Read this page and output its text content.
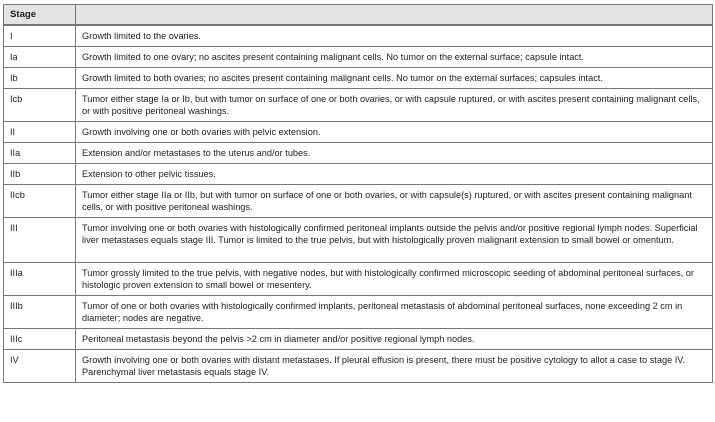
Stage	

I	Growth limited to the ovaries.
Ia	Growth limited to one ovary; no ascites present containing malignant cells. No tumor on the external surface; capsule intact.
Ib	Growth limited to both ovaries; no ascites present containing malignant cells. No tumor on the external surfaces; capsules intact.
Icb	Tumor either stage Ia or Ib, but with tumor on surface of one or both ovaries, or with capsule ruptured, or with ascites present containing malignant cells, or with positive peritoneal washings.
II	Growth involving one or both ovaries with pelvic extension.
IIa	Extension and/or metastases to the uterus and/or tubes.
IIb	Extension to other pelvic tissues.
IIcb	Tumor either stage IIa or IIb, but with tumor on surface of one or both ovaries, or with capsule(s) ruptured, or with ascites present containing malignant cells, or with positive peritoneal washings.
III	Tumor involving one or both ovaries with histologically confirmed peritoneal implants outside the pelvis and/or positive regional lymph nodes. Superficial liver metastases equals stage III. Tumor is limited to the true pelvis, but with histologically proven malignant extension to small bowel or omentum.
IIIa	Tumor grossly limited to the true pelvis, with negative nodes, but with histologically confirmed microscopic seeding of abdominal peritoneal surfaces, or histologic proven extension to small bowel or mesentery.
IIIb	Tumor of one or both ovaries with histologically confirmed implants, peritoneal metastasis of abdominal peritoneal surfaces, none exceeding 2 cm in diameter; nodes are negative.
IIIc	Peritoneal metastasis beyond the pelvis >2 cm in diameter and/or positive regional lymph nodes.
IV	Growth involving one or both ovaries with distant metastases. If pleural effusion is present, there must be positive cytology to allot a case to stage IV. Parenchymal liver metastasis equals stage IV.
